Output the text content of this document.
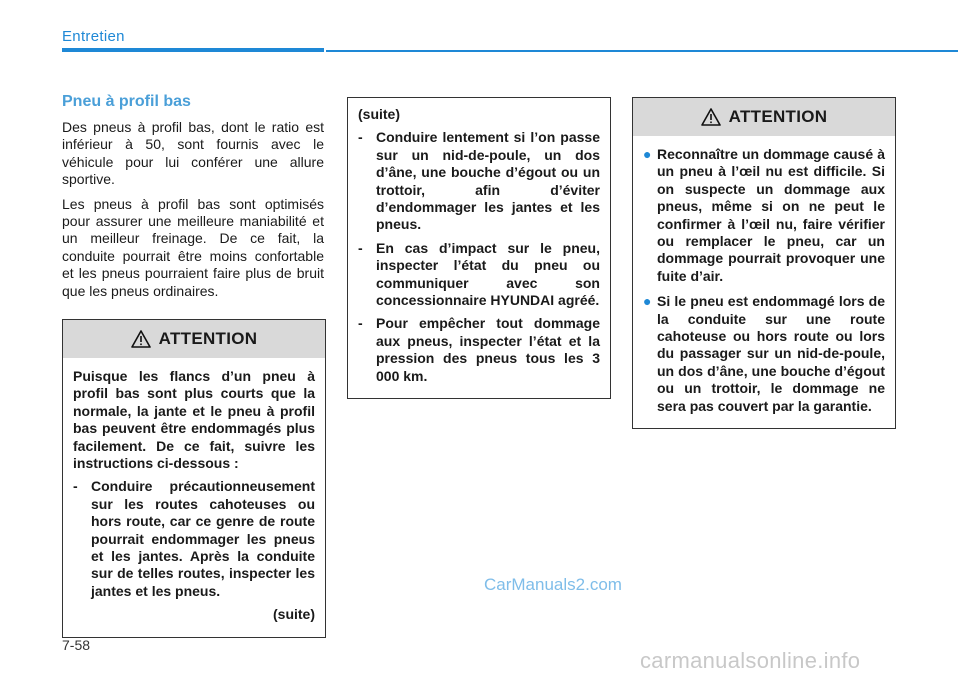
Entretien
Pneu à profil bas

Des pneus à profil bas, dont le ratio est inférieur à 50, sont fournis avec le véhicule pour lui conférer une allure sportive.

Les pneus à profil bas sont optimisés pour assurer une meilleure maniabilité et un meilleur freinage. De ce fait, la conduite pourrait être moins confortable et les pneus pourraient faire plus de bruit que les pneus ordinaires.

ATTENTION

Puisque les flancs d’un pneu à profil bas sont plus courts que la normale, la jante et le pneu à profil bas peuvent être endommagés plus facilement. De ce fait, suivre les instructions ci-dessous :

- Conduire précautionneusement sur les routes cahoteuses ou hors route, car ce genre de route pourrait endommager les pneus et les jantes. Après la conduite sur de telles routes, inspecter les jantes et les pneus.
(suite)

(suite)

- Conduire lentement si l’on passe sur un nid-de-poule, un dos d’âne, une bouche d’égout ou un trottoir, afin d’éviter d’endommager les jantes et les pneus.
- En cas d’impact sur le pneu, inspecter l’état du pneu ou communiquer avec son concessionnaire HYUNDAI agréé.
- Pour empêcher tout dommage aux pneus, inspecter l’état et la pression des pneus tous les 3 000 km.
ATTENTION
● Reconnaître un dommage causé à un pneu à l’œil nu est difficile. Si on suspecte un dommage aux pneus, même si on ne peut le confirmer à l’œil nu, faire vérifier ou remplacer le pneu, car un dommage pourrait provoquer une fuite d’air.
● Si le pneu est endommagé lors de la conduite sur une route cahoteuse ou hors route ou lors du passager sur un nid-de-poule, un dos d’âne, une bouche d’égout ou un trottoir, le dommage ne sera pas couvert par la garantie.
7-58
CarManuals2.com
carmanualsonline.info
